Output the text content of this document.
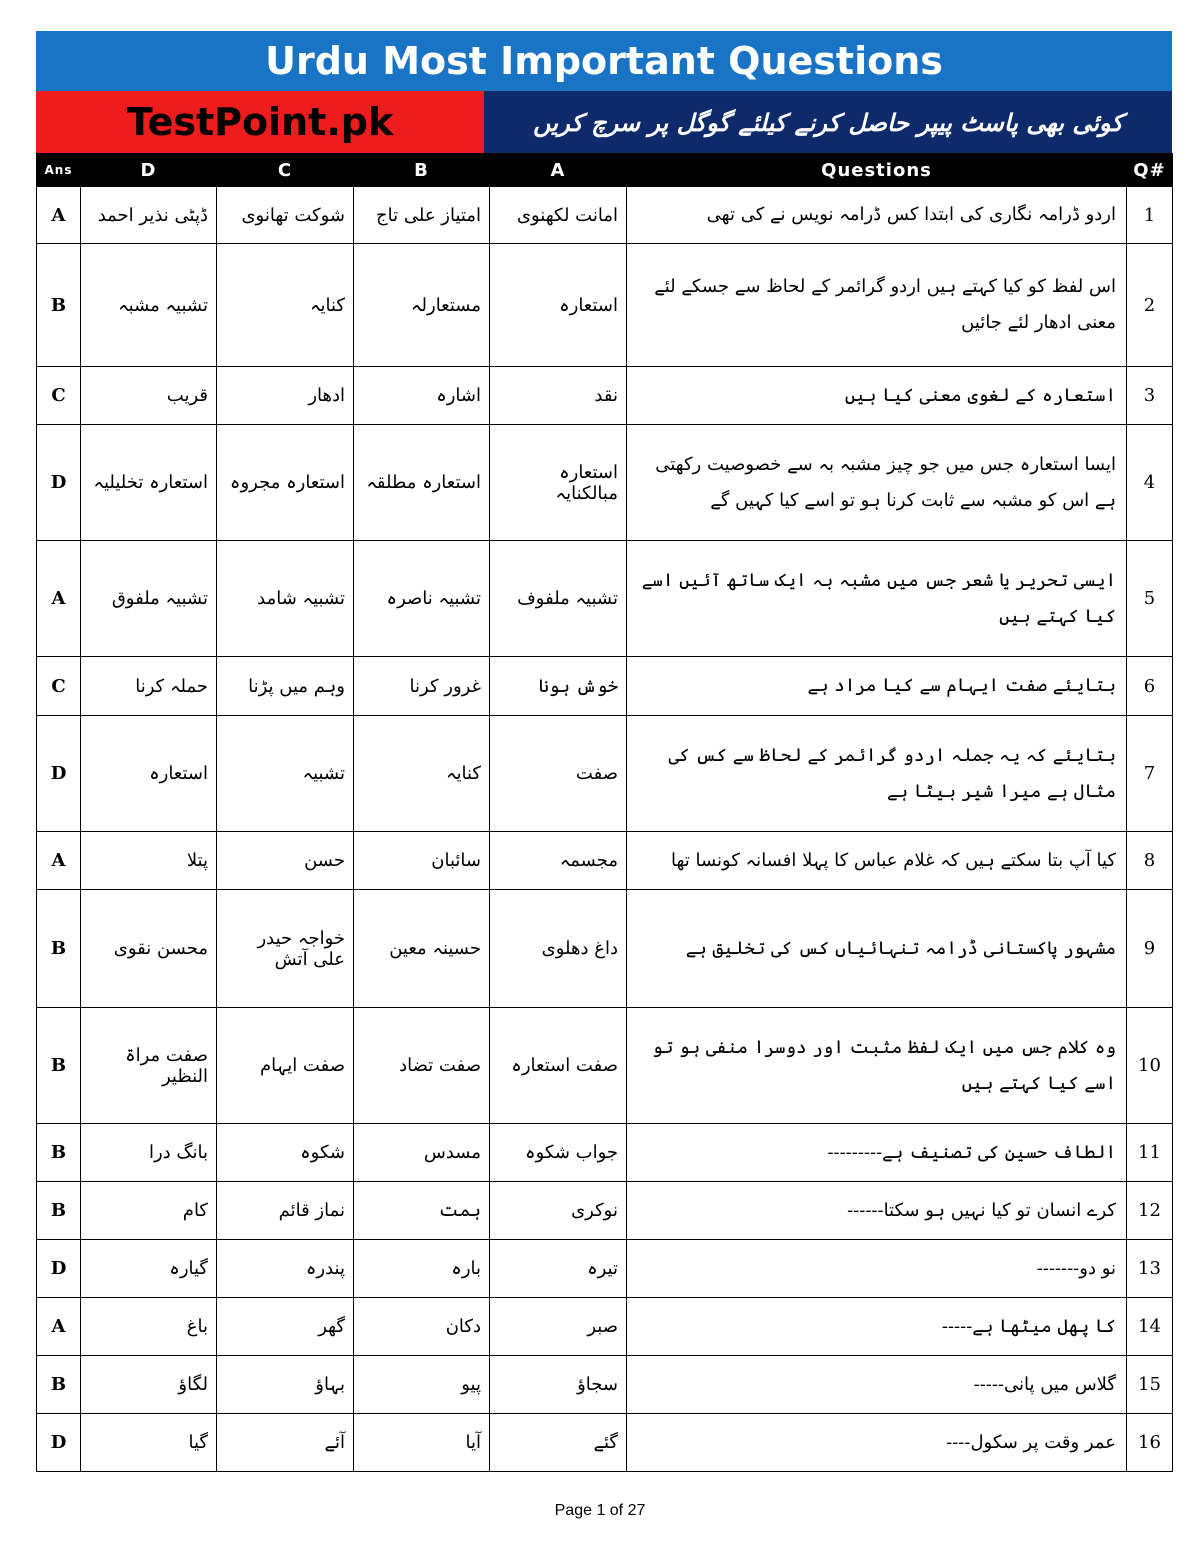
Urdu Most Important Questions
TestPoint.pk	کوئی بھی پاسٹ پیپر حاصل کرنے کیلئے گوگل پر سرچ کریں
Ans	D	C	B	A	Questions	Q#
A	ڈپٹی نذیر احمد	شوکت تھانوی	امتیاز علی تاج	امانت لکھنوی	اردو ڈرامہ نگاری کی ابتدا کس ڈرامہ نویس نے کی تھی	1
B	تشبیہ مشبہ	کنایہ	مستعارلہ	استعارہ	اس لفظ کو کیا کہتے ہیں اردو گرائمر کے لحاظ سے جسکے لئے معنی ادھار لئے جائیں	2
C	قریب	ادھار	اشارہ	نقد	استعارہ کے لغوی معنی کیا ہیں	3
D	استعارہ تخلیلیہ	استعارہ مجروہ	استعارہ مطلقہ	استعارہ مبالکنایہ	ایسا استعارہ جس میں جو چیز مشبہ بہ سے خصوصیت رکھتی ہے اس کو مشبہ سے ثابت کرنا ہو تو اسے کیا کہیں گے	4
A	تشبیہ ملفوق	تشبیہ شامد	تشبیہ ناصرہ	تشبیہ ملفوف	ایسی تحریر یا شعر جس میں مشبہ بہ ایک ساتھ آئیں اسے کیا کہتے ہیں	5
C	حملہ کرنا	وہم میں پڑنا	غرور کرنا	خوش ہونا	بتایئے صفت ایہام سے کیا مراد ہے	6
D	استعارہ	تشبیہ	کنایہ	صفت	بتایئے کہ یہ جملہ اردو گرائمر کے لحاظ سے کس کی مثال ہے میرا شیر بیٹا ہے	7
A	پتلا	حسن	سائبان	مجسمہ	کیا آپ بتا سکتے ہیں کہ غلام عباس کا پہلا افسانہ کونسا تھا	8
B	محسن نقوی	خواجہ حیدر علی آتش	حسینہ معین	داغ دھلوی	مشہور پاکستانی ڈرامہ تنہائیاں کس کی تخلیق ہے	9
B	صفت مراۃ النظیر	صفت ایہام	صفت تضاد	صفت استعارہ	وہ کلام جس میں ایک لفظ مثبت اور دوسرا منفی ہو تو اسے کیا کہتے ہیں	10
B	بانگ درا	شکوہ	مسدس	جواب شکوہ	الطاف حسین کی تصنیف ہے---------	11
B	کام	نماز قائم	ہمت	نوکری	کرے انسان تو کیا نہیں ہو سکتا------	12
D	گیارہ	پندرہ	بارہ	تیرہ	نو دو-------	13
A	باغ	گھر	دکان	صبر	کا پھل میٹھا ہے-----	14
B	لگاؤ	بہاؤ	پیو	سجاؤ	گلاس میں پانی-----	15
D	گیا	آئے	آیا	گئے	عمر وقت پر سکول----	16
Page 1 of 27
